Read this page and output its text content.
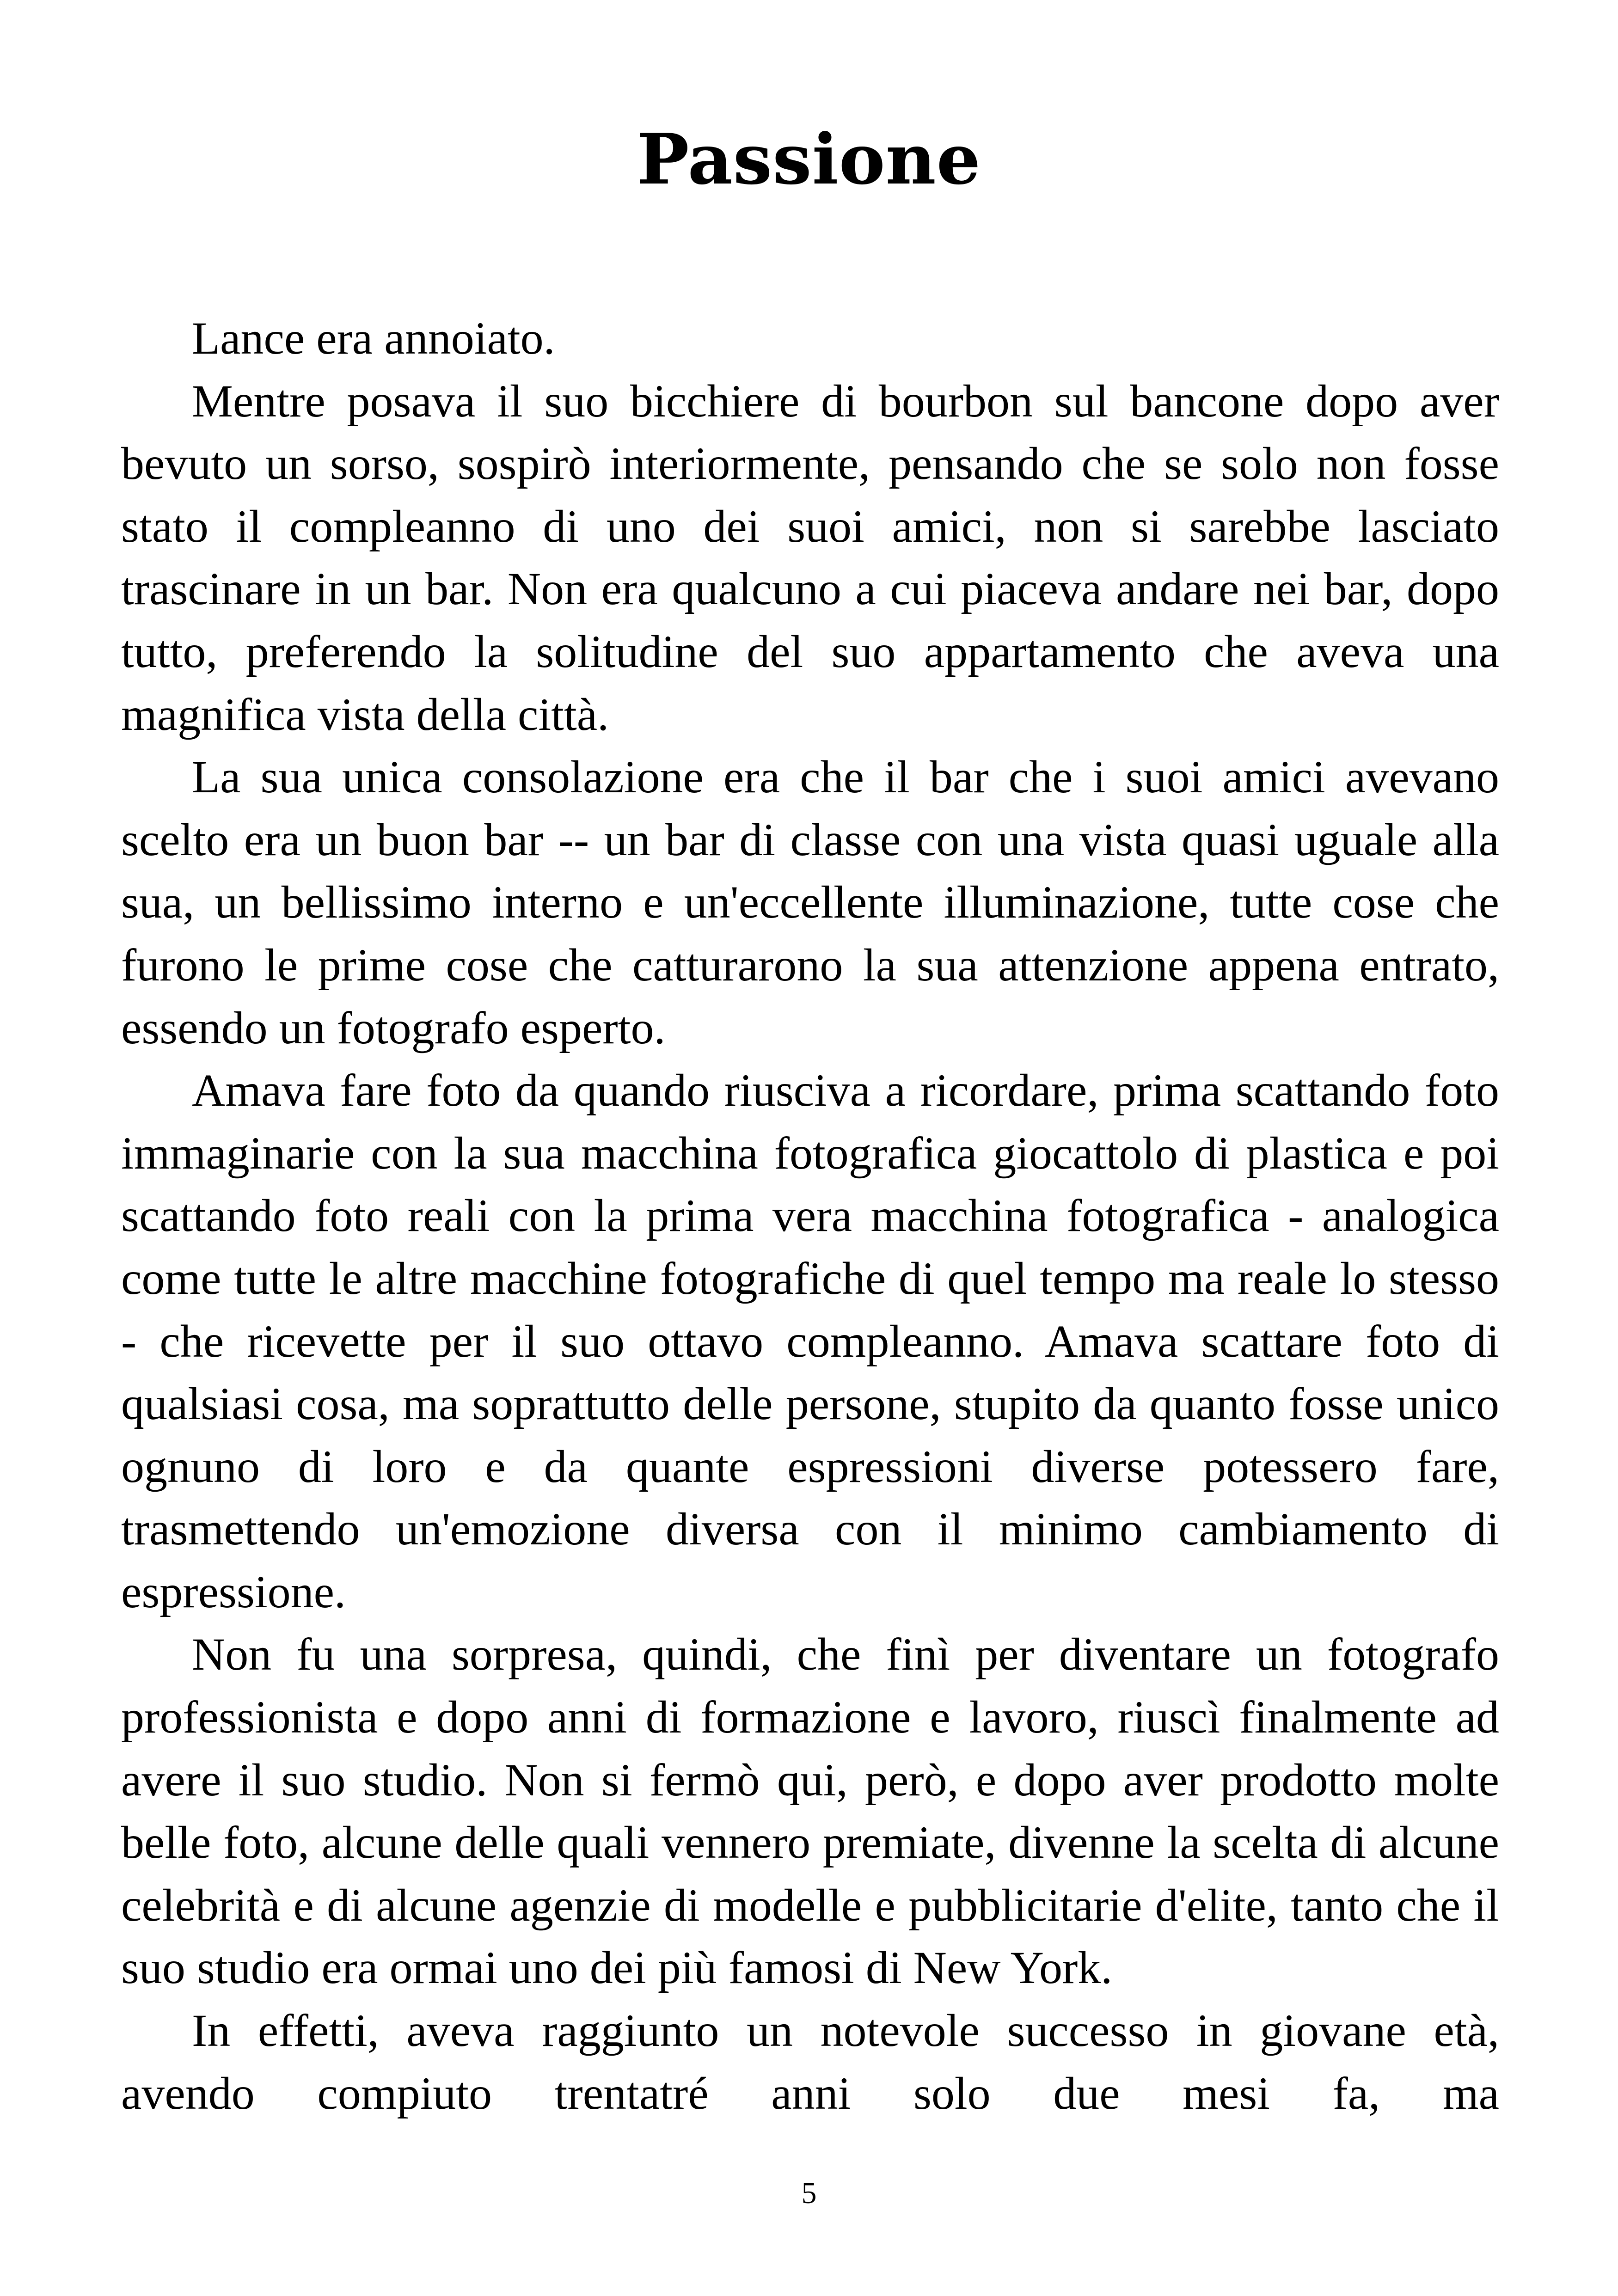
Passione

Lance era annoiato.

Mentre posava il suo bicchiere di bourbon sul bancone dopo aver bevuto un sorso, sospirò interiormente, pensando che se solo non fosse stato il compleanno di uno dei suoi amici, non si sarebbe lasciato trascinare in un bar. Non era qualcuno a cui piaceva andare nei bar, dopo tutto, preferendo la solitudine del suo appartamento che aveva una magnifica vista della città.

La sua unica consolazione era che il bar che i suoi amici avevano scelto era un buon bar -- un bar di classe con una vista quasi uguale alla sua, un bellissimo interno e un'eccellente illuminazione, tutte cose che furono le prime cose che catturarono la sua attenzione appena entrato, essendo un fotografo esperto.

Amava fare foto da quando riusciva a ricordare, prima scattando foto immaginarie con la sua macchina fotografica giocattolo di plastica e poi scattando foto reali con la prima vera macchina fotografica - analogica come tutte le altre macchine fotografiche di quel tempo ma reale lo stesso - che ricevette per il suo ottavo compleanno. Amava scattare foto di qualsiasi cosa, ma soprattutto delle persone, stupito da quanto fosse unico ognuno di loro e da quante espressioni diverse potessero fare, trasmettendo un'emozione diversa con il minimo cambiamento di espressione.

Non fu una sorpresa, quindi, che finì per diventare un fotografo professionista e dopo anni di formazione e lavoro, riuscì finalmente ad avere il suo studio. Non si fermò qui, però, e dopo aver prodotto molte belle foto, alcune delle quali vennero premiate, divenne la scelta di alcune celebrità e di alcune agenzie di modelle e pubblicitarie d'elite, tanto che il suo studio era ormai uno dei più famosi di New York.

In effetti, aveva raggiunto un notevole successo in giovane età, avendo compiuto trentatré anni solo due mesi fa, ma

5
